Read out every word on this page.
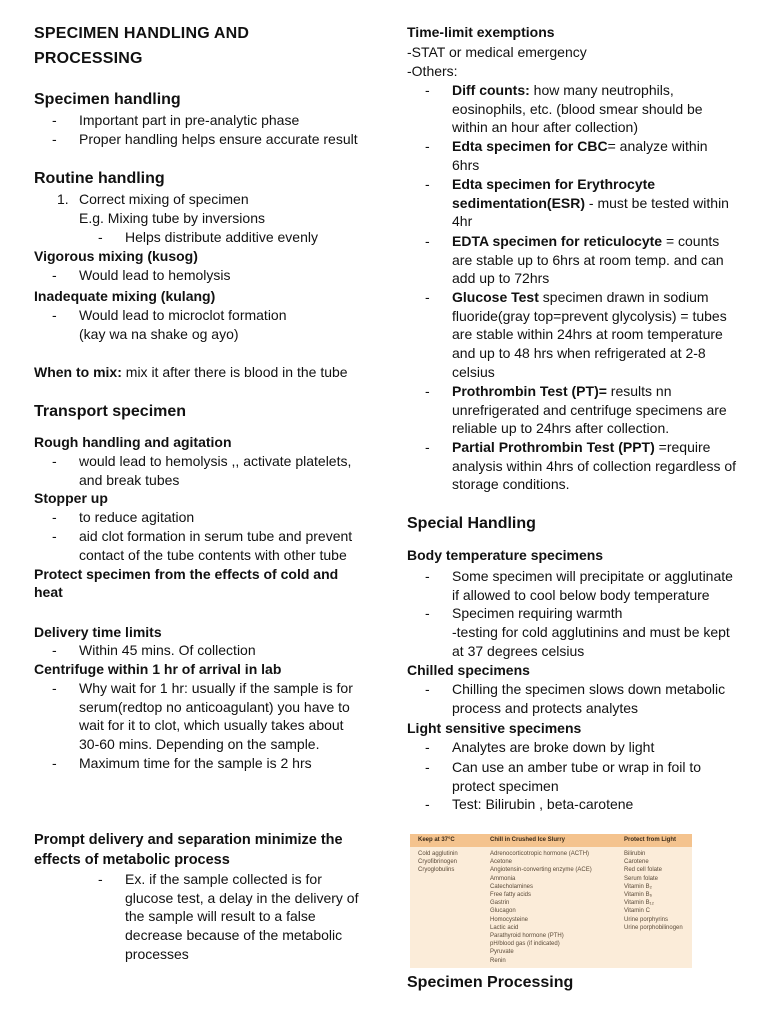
SPECIMEN HANDLING AND PROCESSING
Specimen handling
- Important part in pre-analytic phase
- Proper handling helps ensure accurate result
Routine handling
1. Correct mixing of specimen
E.g. Mixing tube by inversions
- Helps distribute additive evenly
Vigorous mixing (kusog)
- Would lead to hemolysis
Inadequate mixing (kulang)
- Would lead to microclot formation
(kay wa na shake og ayo)
When to mix: mix it after there is blood in the tube
Transport specimen
Rough handling and agitation
- would lead to hemolysis ,, activate platelets, and break tubes
Stopper up
- to reduce agitation
- aid clot formation in serum tube and prevent contact of the tube contents with other tube
Protect specimen from the effects of cold and heat
Delivery time limits
- Within 45 mins. Of collection
Centrifuge within 1 hr of arrival in lab
- Why wait for 1 hr: usually if the sample is for serum(redtop no anticoagulant) you have to wait for it to clot, which usually takes about 30-60 mins. Depending on the sample.
- Maximum time for the sample is 2 hrs
Prompt delivery and separation minimize the effects of metabolic process
- Ex. if the sample collected is for glucose test, a delay in the delivery of the sample will result to a false decrease because of the metabolic processes
Time-limit exemptions
-STAT or medical emergency
-Others:
- Diff counts: how many neutrophils, eosinophils, etc. (blood smear should be within an hour after collection)
- Edta specimen for CBC= analyze within 6hrs
- Edta specimen for Erythrocyte sedimentation(ESR) - must be tested within 4hr
- EDTA specimen for reticulocyte = counts are stable up to 6hrs at room temp. and can add up to 72hrs
- Glucose Test specimen drawn in sodium fluoride(gray top=prevent glycolysis) = tubes are stable within 24hrs at room temperature and up to 48 hrs when refrigerated at 2-8 celsius
- Prothrombin Test (PT)= results nn unrefrigerated and centrifuge specimens are reliable up to 24hrs after collection.
- Partial Prothrombin Test (PPT) =require analysis within 4hrs of collection regardless of storage conditions.
Special Handling
Body temperature specimens
- Some specimen will precipitate or agglutinate if allowed to cool below body temperature
- Specimen requiring warmth
-testing for cold agglutinins and must be kept at 37 degrees celsius
Chilled specimens
- Chilling the specimen slows down metabolic process and protects analytes
Light sensitive specimens
- Analytes are broke down by light
- Can use an amber tube or wrap in foil to protect specimen
- Test: Bilirubin , beta-carotene
Specimen Processing
Keep at 37°C	Chill in Crushed Ice Slurry	Protect from Light
Cold agglutinin
Cryofibrinogen
Cryoglobulins
Adrenocorticotropic hormone (ACTH)
Acetone
Angiotensin-converting enzyme (ACE)
Ammonia
Catecholamines
Free fatty acids
Gastrin
Glucagon
Homocysteine
Lactic acid
Parathyroid hormone (PTH)
pH/blood gas (if indicated)
Pyruvate
Renin
Bilirubin
Carotene
Red cell folate
Serum folate
Vitamin B₂
Vitamin B₆
Vitamin B₁₂
Vitamin C
Urine porphyrins
Urine porphobilinogen
